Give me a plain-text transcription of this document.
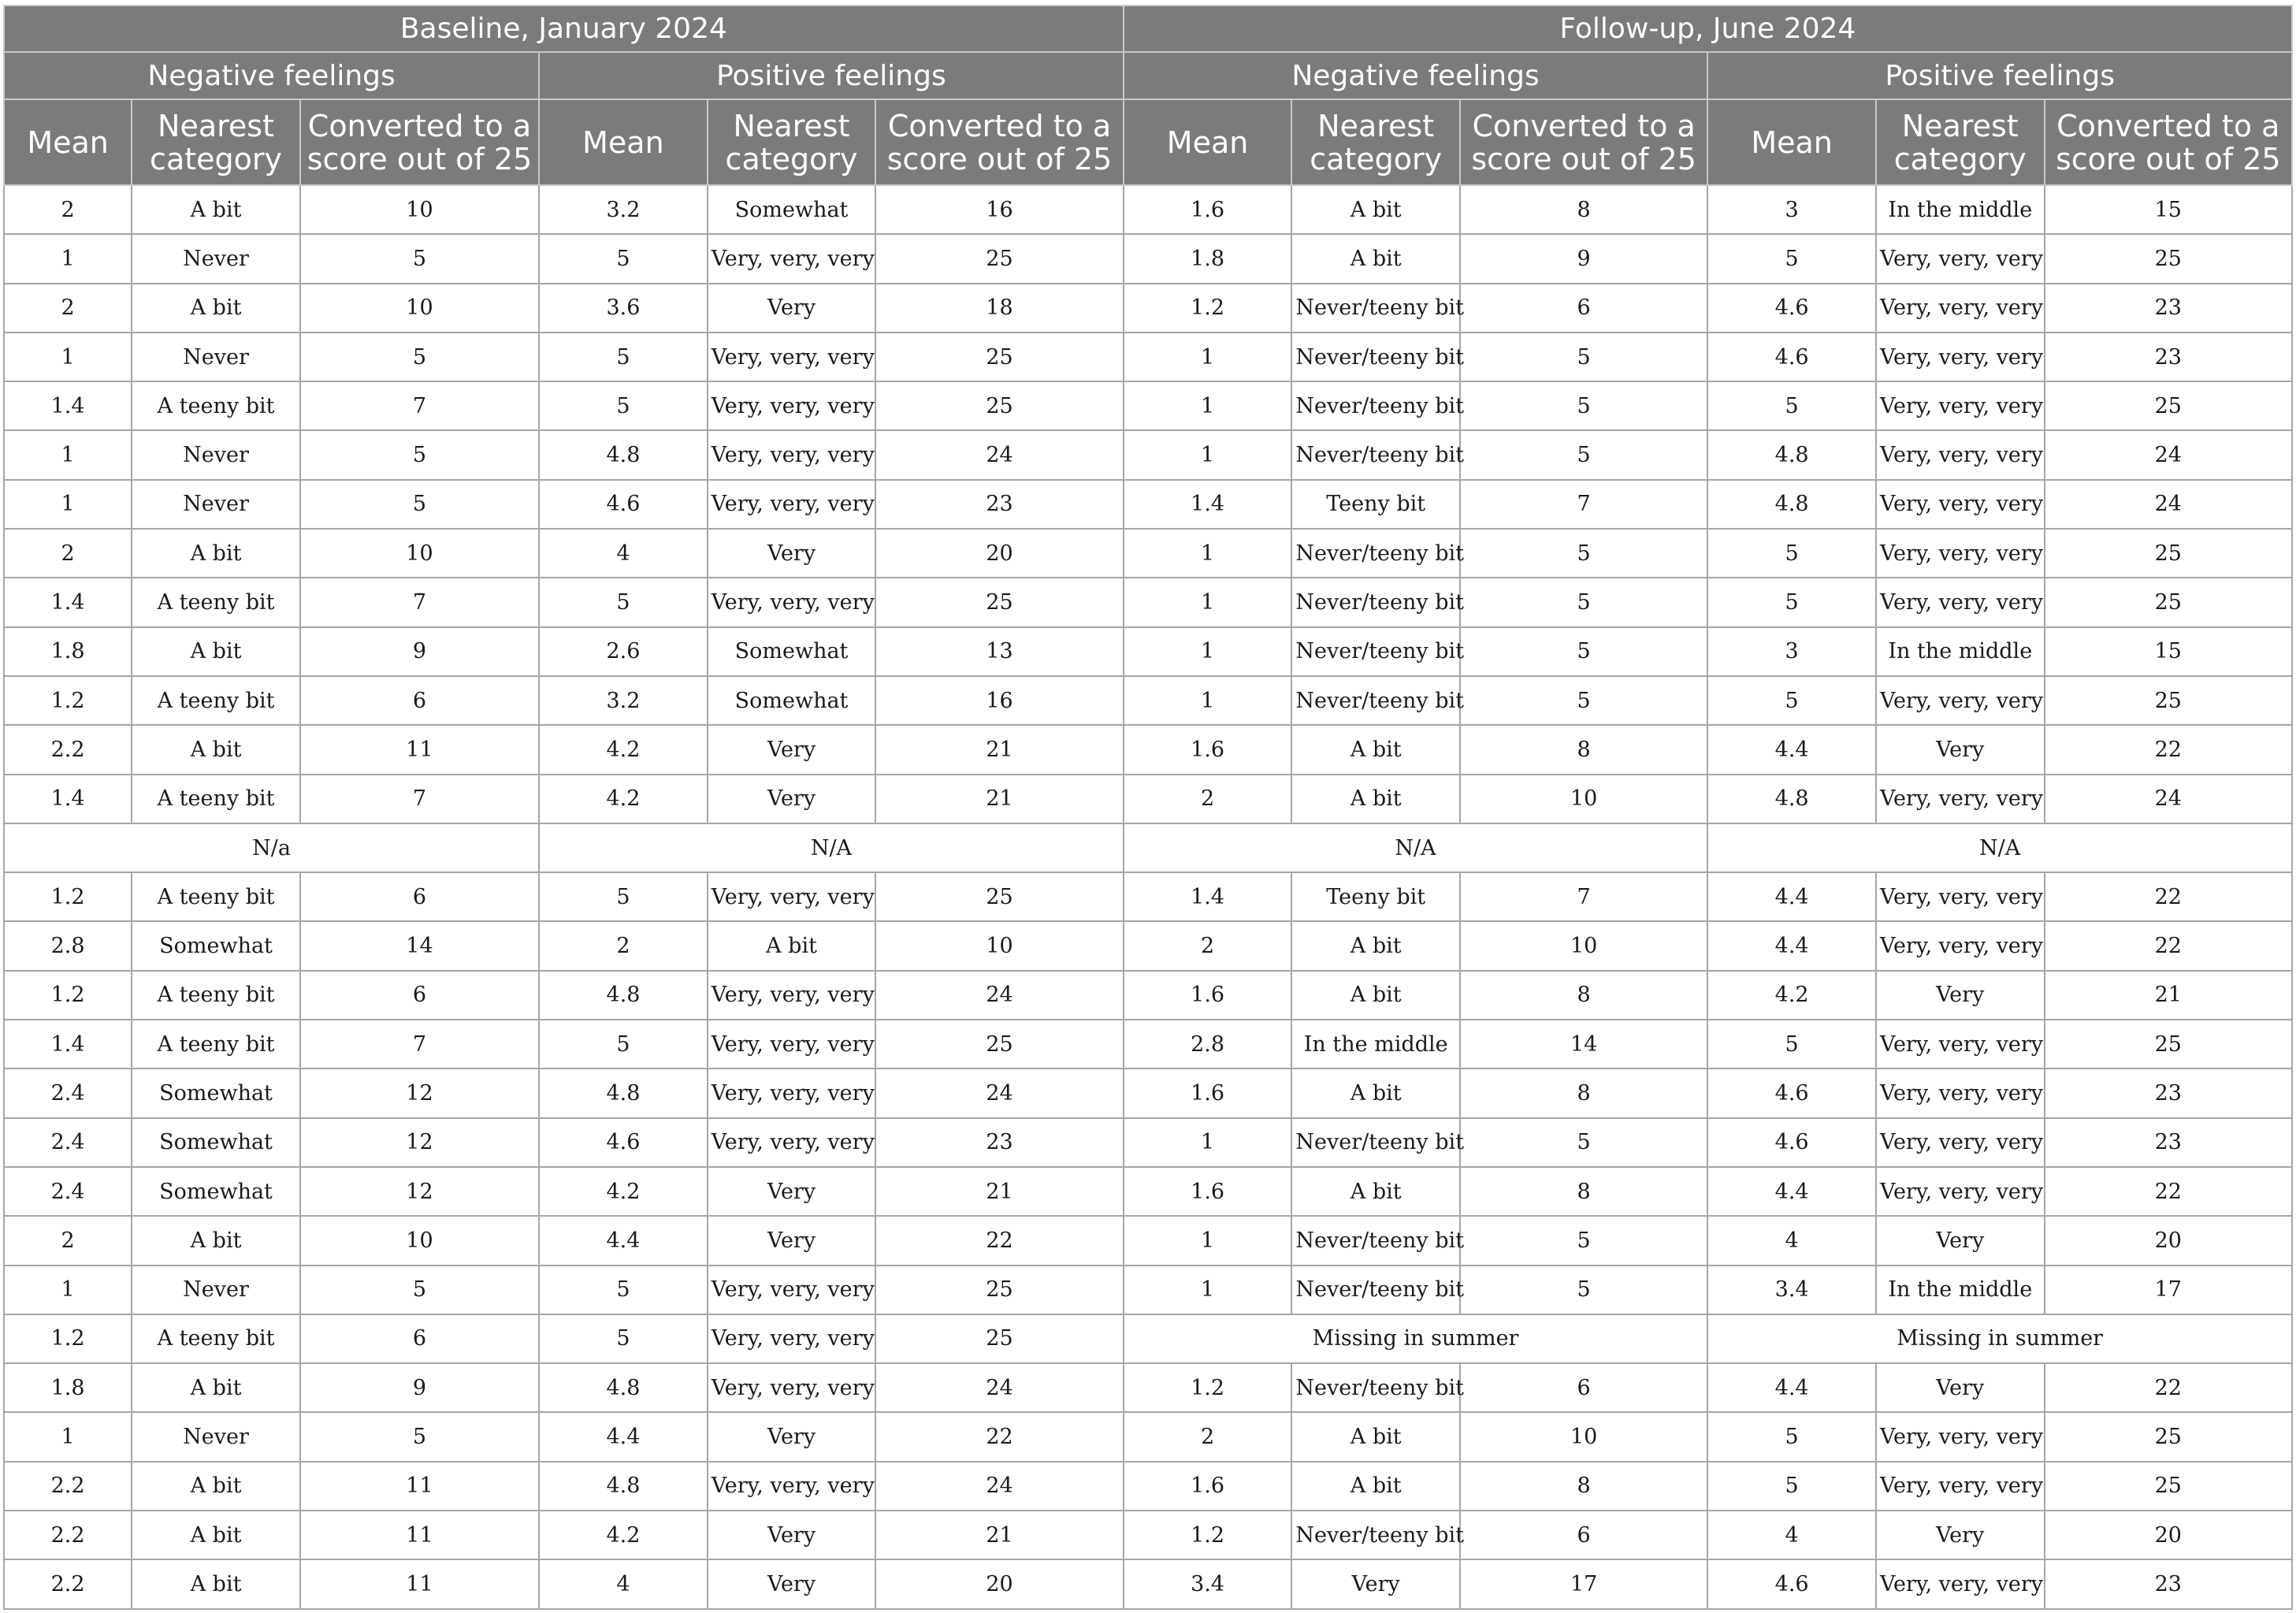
Baseline, January 2024						Follow-up, June 2024					
Negative feelings			Positive feelings			Negative feelings			Positive feelings		
Mean	Nearest category	Converted to a score out of 25	Mean	Nearest category	Converted to a score out of 25	Mean	Nearest category	Converted to a score out of 25	Mean	Nearest category	Converted to a score out of 25
2	A bit	10	3.2	Somewhat	16	1.6	A bit	8	3	In the middle	15
1	Never	5	5	Very, very, very	25	1.8	A bit	9	5	Very, very, very	25
2	A bit	10	3.6	Very	18	1.2	Never/teeny bit	6	4.6	Very, very, very	23
1	Never	5	5	Very, very, very	25	1	Never/teeny bit	5	4.6	Very, very, very	23
1.4	A teeny bit	7	5	Very, very, very	25	1	Never/teeny bit	5	5	Very, very, very	25
1	Never	5	4.8	Very, very, very	24	1	Never/teeny bit	5	4.8	Very, very, very	24
1	Never	5	4.6	Very, very, very	23	1.4	Teeny bit	7	4.8	Very, very, very	24
2	A bit	10	4	Very	20	1	Never/teeny bit	5	5	Very, very, very	25
1.4	A teeny bit	7	5	Very, very, very	25	1	Never/teeny bit	5	5	Very, very, very	25
1.8	A bit	9	2.6	Somewhat	13	1	Never/teeny bit	5	3	In the middle	15
1.2	A teeny bit	6	3.2	Somewhat	16	1	Never/teeny bit	5	5	Very, very, very	25
2.2	A bit	11	4.2	Very	21	1.6	A bit	8	4.4	Very	22
1.4	A teeny bit	7	4.2	Very	21	2	A bit	10	4.8	Very, very, very	24
N/a			N/A			N/A			N/A		
1.2	A teeny bit	6	5	Very, very, very	25	1.4	Teeny bit	7	4.4	Very, very, very	22
2.8	Somewhat	14	2	A bit	10	2	A bit	10	4.4	Very, very, very	22
1.2	A teeny bit	6	4.8	Very, very, very	24	1.6	A bit	8	4.2	Very	21
1.4	A teeny bit	7	5	Very, very, very	25	2.8	In the middle	14	5	Very, very, very	25
2.4	Somewhat	12	4.8	Very, very, very	24	1.6	A bit	8	4.6	Very, very, very	23
2.4	Somewhat	12	4.6	Very, very, very	23	1	Never/teeny bit	5	4.6	Very, very, very	23
2.4	Somewhat	12	4.2	Very	21	1.6	A bit	8	4.4	Very, very, very	22
2	A bit	10	4.4	Very	22	1	Never/teeny bit	5	4	Very	20
1	Never	5	5	Very, very, very	25	1	Never/teeny bit	5	3.4	In the middle	17
1.2	A teeny bit	6	5	Very, very, very	25	Missing in summer			Missing in summer		
1.8	A bit	9	4.8	Very, very, very	24	1.2	Never/teeny bit	6	4.4	Very	22
1	Never	5	4.4	Very	22	2	A bit	10	5	Very, very, very	25
2.2	A bit	11	4.8	Very, very, very	24	1.6	A bit	8	5	Very, very, very	25
2.2	A bit	11	4.2	Very	21	1.2	Never/teeny bit	6	4	Very	20
2.2	A bit	11	4	Very	20	3.4	Very	17	4.6	Very, very, very	23
